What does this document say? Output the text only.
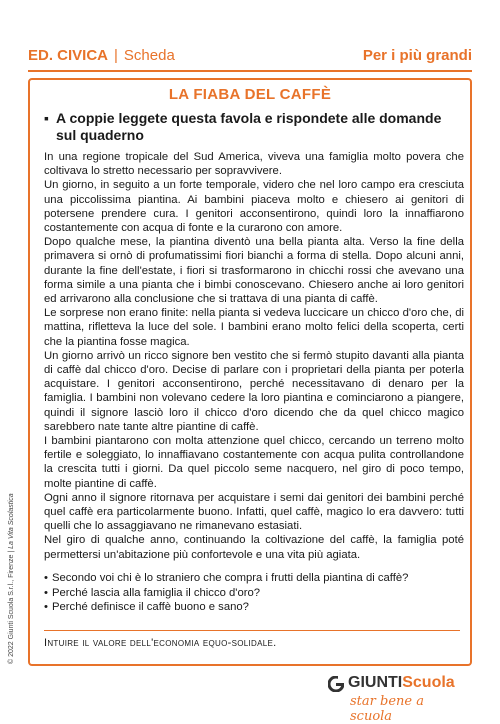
ED. CIVICA | Scheda	Per i più grandi
LA FIABA DEL CAFFÈ
▪ A coppie leggete questa favola e rispondete alle domande sul quaderno

In una regione tropicale del Sud America, viveva una famiglia molto povera che coltivava lo stretto necessario per sopravvivere.

Un giorno, in seguito a un forte temporale, videro che nel loro campo era cresciuta una piccolissima piantina. Ai bambini piaceva molto e chiesero ai genitori di potersene prendere cura. I genitori acconsentirono, quindi loro la innaffiarono costantemente con acqua di fonte e la curarono con amore.

Dopo qualche mese, la piantina diventò una bella pianta alta. Verso la fine della primavera si ornò di profumatissimi fiori bianchi a forma di stella. Dopo alcuni anni, durante la fine dell'estate, i fiori si trasformarono in chicchi rossi che avevano una forma simile a una pianta che i bimbi conoscevano. Chiesero anche ai loro genitori ed arrivarono alla conclusione che si trattava di una pianta di caffè.

Le sorprese non erano finite: nella pianta si vedeva luccicare un chicco d'oro che, di mattina, rifletteva la luce del sole. I bambini erano molto felici della scoperta, certi che la piantina fosse magica.

Un giorno arrivò un ricco signore ben vestito che si fermò stupito davanti alla pianta di caffè dal chicco d'oro. Decise di parlare con i proprietari della pianta per poterla acquistare. I genitori acconsentirono, perché necessitavano di denaro per la famiglia. I bambini non volevano cedere la loro piantina e cominciarono a piangere, quindi il signore lasciò loro il chicco d'oro dicendo che da quel chicco magico sarebbero nate tante altre piantine di caffè.

I bambini piantarono con molta attenzione quel chicco, cercando un terreno molto fertile e soleggiato, lo innaffiavano costantemente con acqua pulita controllandone la crescita tutti i giorni. Da quel piccolo seme nacquero, nel giro di poco tempo, molte piantine di caffè.

Ogni anno il signore ritornava per acquistare i semi dai genitori dei bambini perché quel caffè era particolarmente buono. Infatti, quel caffè, magico lo era davvero: tutti quelli che lo assaggiavano ne rimanevano estasiati.

Nel giro di qualche anno, continuando la coltivazione del caffè, la famiglia poté permettersi un'abitazione più confortevole e una vita più agiata.

• Secondo voi chi è lo straniero che compra i frutti della piantina di caffè?
• Perché lascia alla famiglia il chicco d'oro?
• Perché definisce il caffè buono e sano?
Intuire il valore dell'economia equo-solidale.
© 2022 Giunti Scuola S.r.l., Firenze | La Vita Scolastica
GIUNTIScuola
star bene a scuola
